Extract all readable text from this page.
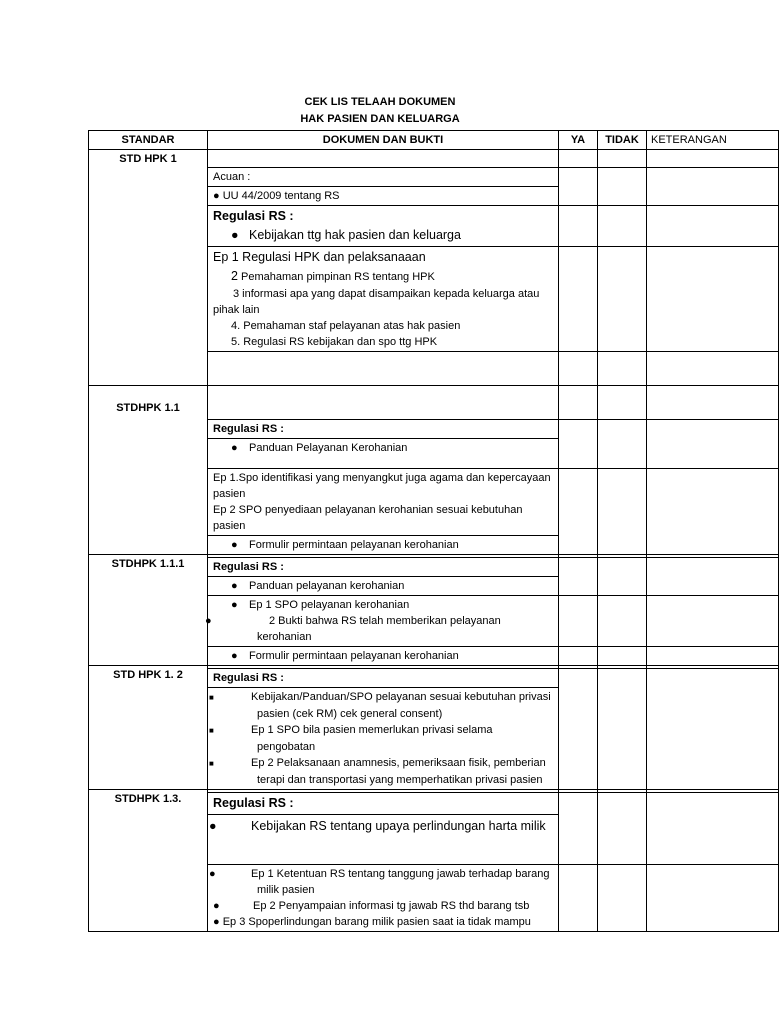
CEK LIS TELAAH DOKUMEN
HAK PASIEN DAN KELUARGA
STANDAR	DOKUMEN DAN BUKTI	YA	TIDAK	KETERANGAN
STD HPK 1				

	Acuan :			

	● UU 44/2009 tentang RS			

	Regulasi RS :
● Kebijakan ttg hak pasien dan keluarga			

	Ep 1 Regulasi HPK dan pelaksanaaan
2 Pemahaman pimpinan RS tentang HPK
3 informasi apa yang dapat disampaikan kepada keluarga atau pihak lain
4. Pemahaman staf pelayanan atas hak pasien
5. Regulasi RS kebijakan dan spo ttg HPK			

STDHPK 1.1				
	Regulasi RS :			

	● Panduan Pelayanan Kerohanian			

	Ep 1.Spo identifikasi yang menyangkut juga agama dan kepercayaan pasien
Ep 2 SPO penyediaan pelayanan kerohanian sesuai kebutuhan pasien			

	● Formulir permintaan pelayanan kerohanian			

STDHPK 1.1.1				
	Regulasi RS :			

	● Panduan pelayanan kerohanian			

	● Ep 1 SPO pelayanan kerohanian
● 2 Bukti bahwa RS telah memberikan pelayanan kerohanian			

	● Formulir permintaan pelayanan kerohanian			

STD HPK 1. 2				
	Regulasi RS :			

	■ Kebijakan/Panduan/SPO pelayanan sesuai kebutuhan privasi pasien (cek RM) cek general consent)
■ Ep 1 SPO bila pasien memerlukan privasi selama pengobatan
■ Ep 2 Pelaksanaan anamnesis, pemeriksaan fisik, pemberian terapi dan transportasi yang memperhatikan privasi pasien			

STDHPK 1.3.				
	Regulasi RS :			

	● Kebijakan RS tentang upaya perlindungan harta milik			

	● Ep 1 Ketentuan RS tentang tanggung jawab terhadap barang milik pasien
● Ep 2 Penyampaian informasi tg jawab RS thd barang tsb
● Ep 3 Spoperlindungan barang milik pasien saat ia tidak mampu			
